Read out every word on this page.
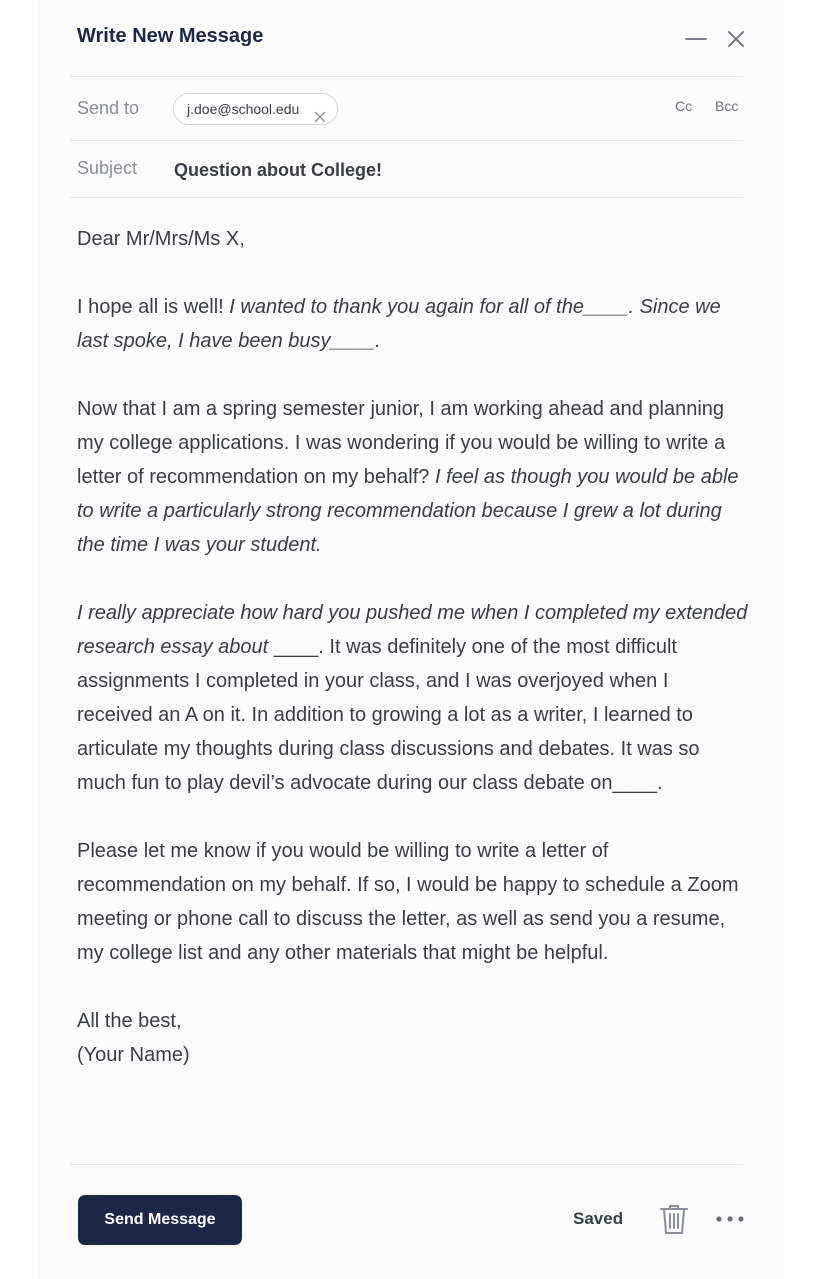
Write New Message
Send to	j.doe@school.edu	Cc Bcc
Subject Question about College!

Dear Mr/Mrs/Ms X,

I hope all is well! I wanted to thank you again for all of the____. Since we last spoke, I have been busy____.

Now that I am a spring semester junior, I am working ahead and planning my college applications. I was wondering if you would be willing to write a letter of recommendation on my behalf? I feel as though you would be able to write a particularly strong recommendation because I grew a lot during the time I was your student.

I really appreciate how hard you pushed me when I completed my extended research essay about ____. It was definitely one of the most difficult assignments I completed in your class, and I was overjoyed when I received an A on it. In addition to growing a lot as a writer, I learned to articulate my thoughts during class discussions and debates. It was so much fun to play devil’s advocate during our class debate on____.

Please let me know if you would be willing to write a letter of recommendation on my behalf. If so, I would be happy to schedule a Zoom meeting or phone call to discuss the letter, as well as send you a resume, my college list and any other materials that might be helpful.

All the best,
(Your Name)

Send Message	Saved
